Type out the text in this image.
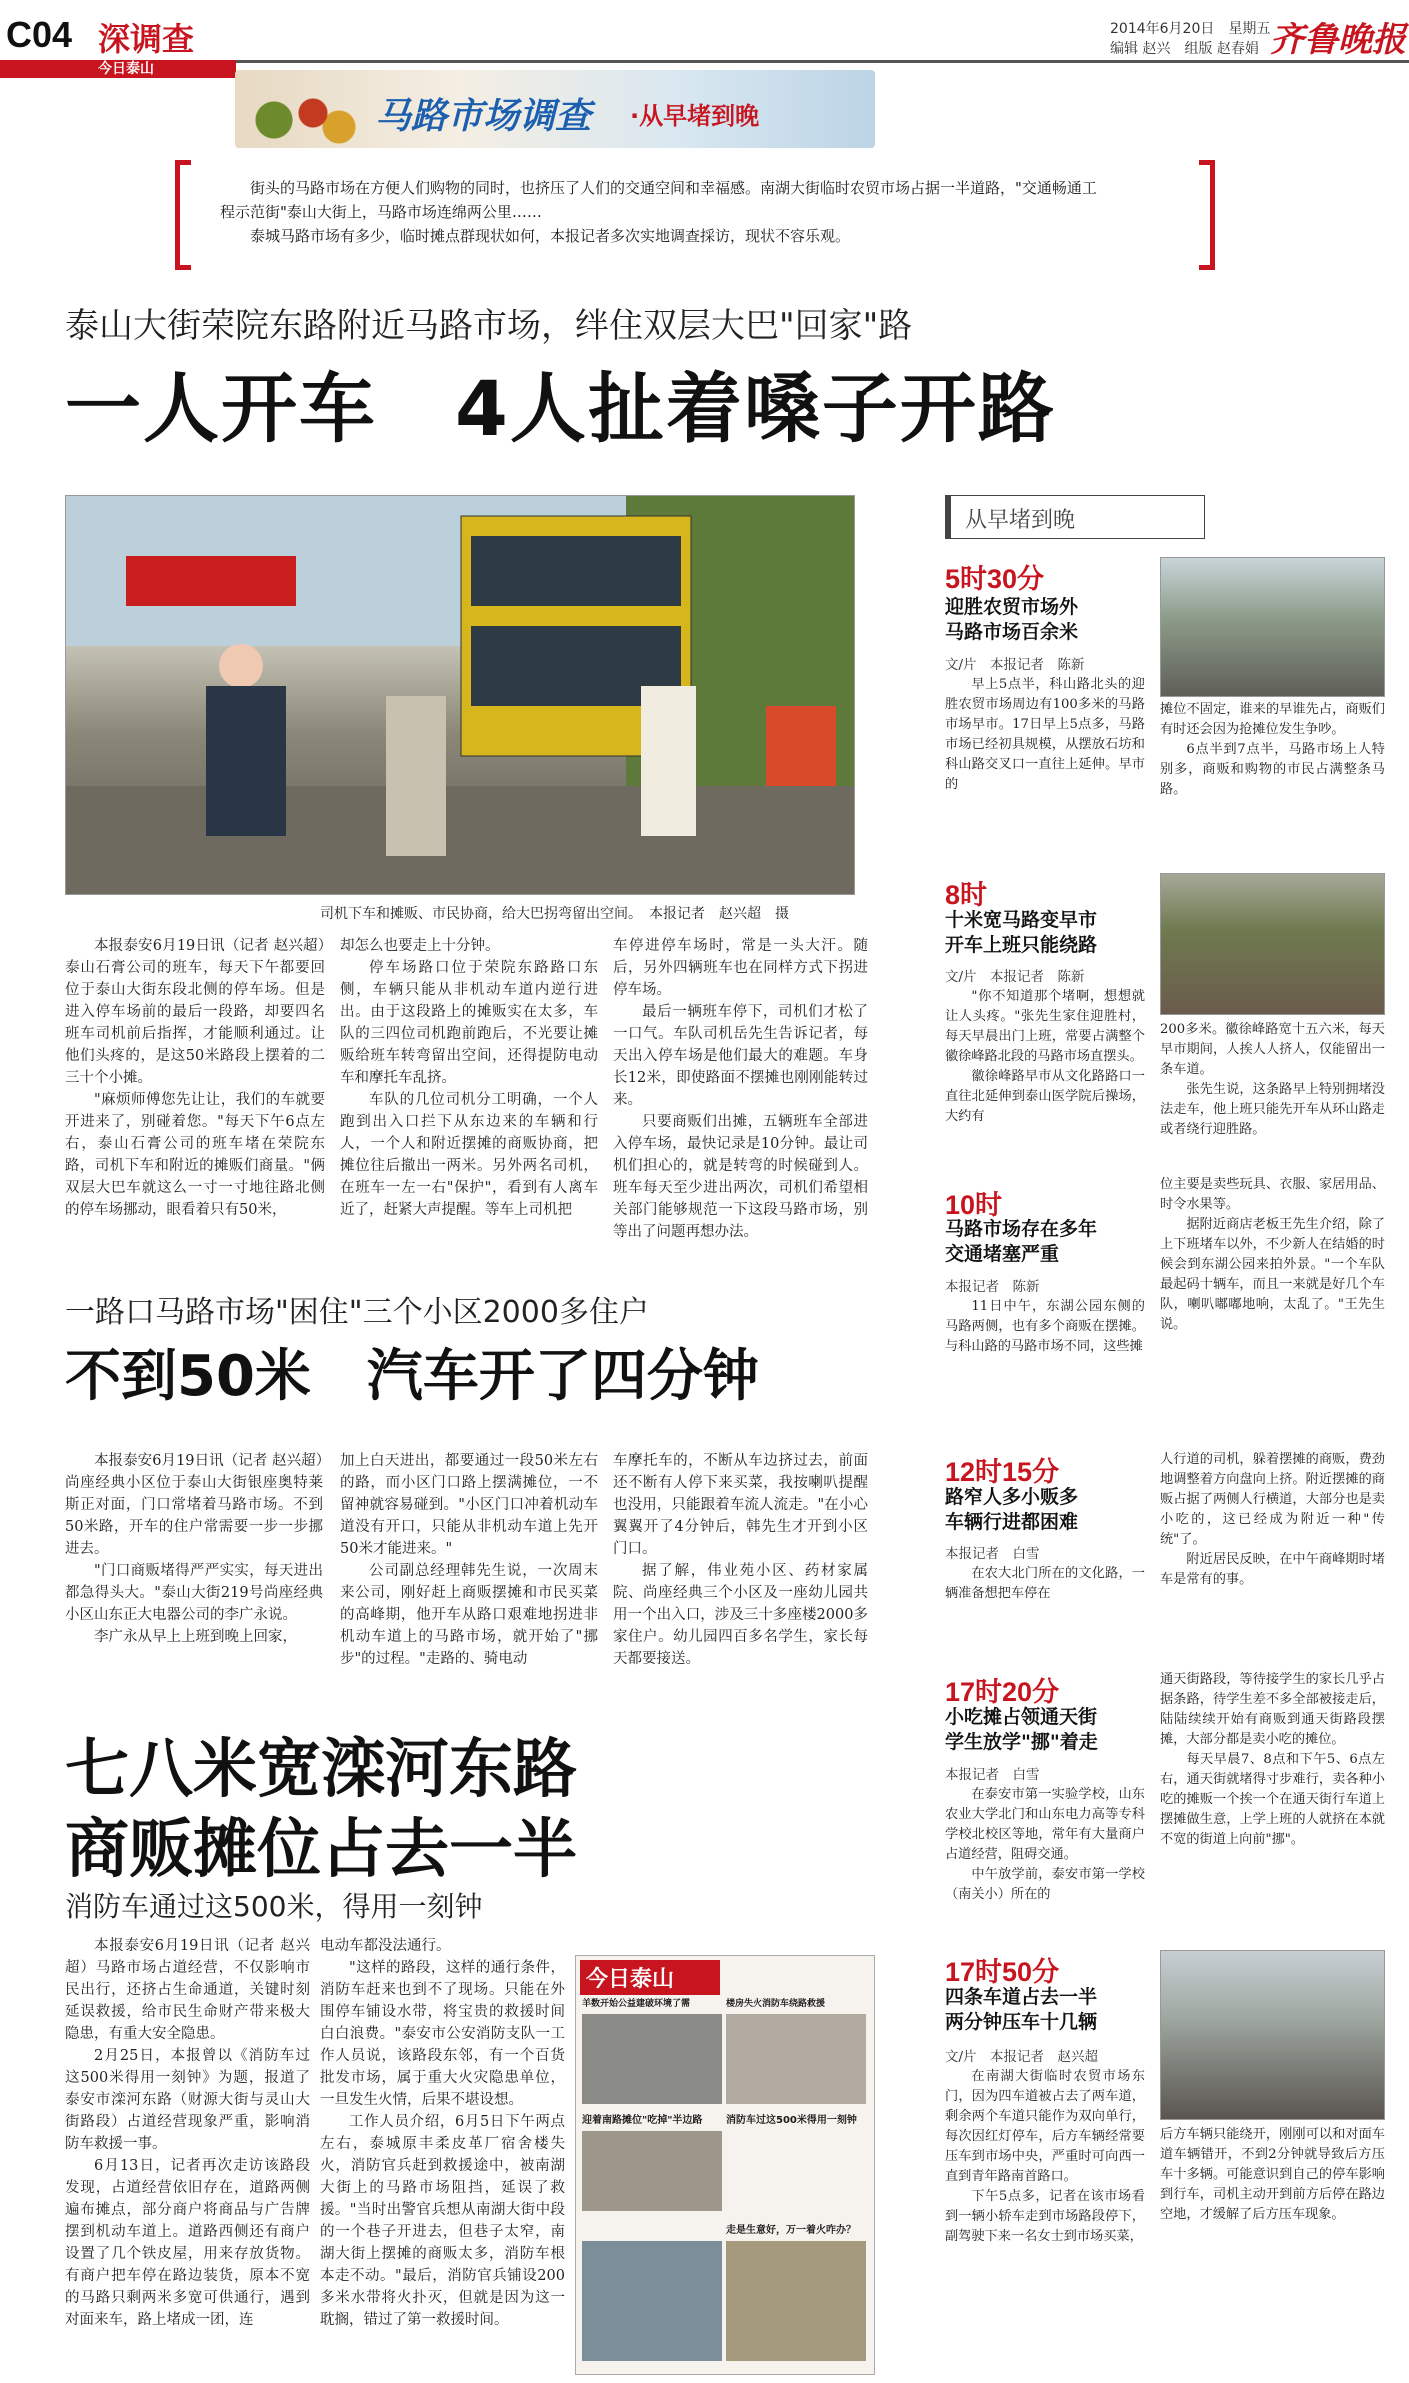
C04 深调查
今日泰山
2014年6月20日　星期五
编辑 赵兴　组版 赵春娟 齐鲁晚报
马路市场调查 ·从早堵到晚
街头的马路市场在方便人们购物的同时，也挤压了人们的交通空间和幸福感。南湖大街临时农贸市场占据一半道路，"交通畅通工
程示范街"泰山大街上，马路市场连绵两公里……
泰城马路市场有多少，临时摊点群现状如何，本报记者多次实地调查採访，现状不容乐观。
泰山大街荣院东路附近马路市场，绊住双层大巴"回家"路
一人开车　4人扯着嗓子开路
司机下车和摊贩、市民协商，给大巴拐弯留出空间。　本报记者　赵兴超　摄

本报泰安6月19日讯（记者 赵兴超）泰山石膏公司的班车，每天下午都要回位于泰山大街东段北侧的停车场。但是进入停车场前的最后一段路，却要四名班车司机前后指挥，才能顺利通过。让他们头疼的，是这50米路段上摆着的二三十个小摊。

"麻烦师傅您先让让，我们的车就要开进来了，别碰着您。"每天下午6点左右，泰山石膏公司的班车堵在荣院东路，司机下车和附近的摊贩们商量。"俩双层大巴车就这么一寸一寸地往路北侧的停车场挪动，眼看着只有50米，

却怎么也要走上十分钟。

停车场路口位于荣院东路路口东侧，车辆只能从非机动车道内逆行进出。由于这段路上的摊贩实在太多，车队的三四位司机跑前跑后，不光要让摊贩给班车转弯留出空间，还得提防电动车和摩托车乱挤。

车队的几位司机分工明确，一个人跑到出入口拦下从东边来的车辆和行人，一个人和附近摆摊的商贩协商，把摊位往后撤出一两米。另外两名司机，在班车一左一右"保护"，看到有人离车近了，赶紧大声提醒。等车上司机把

车停进停车场时，常是一头大汗。随后，另外四辆班车也在同样方式下拐进停车场。

最后一辆班车停下，司机们才松了一口气。车队司机岳先生告诉记者，每天出入停车场是他们最大的难题。车身长12米，即使路面不摆摊也刚刚能转过来。

只要商贩们出摊，五辆班车全部进入停车场，最快记录是10分钟。最让司机们担心的，就是转弯的时候碰到人。班车每天至少进出两次，司机们希望相关部门能够规范一下这段马路市场，别等出了问题再想办法。

一路口马路市场"困住"三个小区2000多住户
不到50米　汽车开了四分钟

本报泰安6月19日讯（记者 赵兴超）尚座经典小区位于泰山大街银座奥特莱斯正对面，门口常堵着马路市场。不到50米路，开车的住户常需要一步一步挪进去。

"门口商贩堵得严严实实，每天进出都急得头大。"泰山大街219号尚座经典小区山东正大电器公司的李广永说。

李广永从早上上班到晚上回家，

加上白天进出，都要通过一段50米左右的路，而小区门口路上摆满摊位，一不留神就容易碰到。"小区门口冲着机动车道没有开口，只能从非机动车道上先开50米才能进来。"

公司副总经理韩先生说，一次周末来公司，刚好赶上商贩摆摊和市民买菜的高峰期，他开车从路口艰难地拐进非机动车道上的马路市场，就开始了"挪步"的过程。"走路的、骑电动

车摩托车的，不断从车边挤过去，前面还不断有人停下来买菜，我按喇叭提醒也没用，只能跟着车流人流走。"在小心翼翼开了4分钟后，韩先生才开到小区门口。

据了解，伟业苑小区、药材家属院、尚座经典三个小区及一座幼儿园共用一个出入口，涉及三十多座楼2000多家住户。幼儿园四百多名学生，家长每天都要接送。

七八米宽滦河东路
商贩摊位占去一半
消防车通过这500米，得用一刻钟

本报泰安6月19日讯（记者 赵兴超）马路市场占道经营，不仅影响市民出行，还挤占生命通道，关键时刻延误救援，给市民生命财产带来极大隐患，有重大安全隐患。

2月25日，本报曾以《消防车过这500米得用一刻钟》为题，报道了泰安市滦河东路（财源大街与灵山大街路段）占道经营现象严重，影响消防车救援一事。

6月13日，记者再次走访该路段发现，占道经营依旧存在，道路两侧遍布摊点，部分商户将商品与广告牌摆到机动车道上。道路西侧还有商户设置了几个铁皮屋，用来存放货物。有商户把车停在路边装货，原本不宽的马路只剩两米多宽可供通行，遇到对面来车，路上堵成一团，连

电动车都没法通行。

"这样的路段，这样的通行条件，消防车赶来也到不了现场。只能在外围停车铺设水带，将宝贵的救援时间白白浪费。"泰安市公安消防支队一工作人员说，该路段东邻，有一个百货批发市场，属于重大火灾隐患单位，一旦发生火情，后果不堪设想。

工作人员介绍，6月5日下午两点左右，泰城原丰柔皮革厂宿舍楼失火，消防官兵赶到救援途中，被南湖大街上的马路市场阻挡，延误了救援。"当时出警官兵想从南湖大街中段的一个巷子开进去，但巷子太窄，南湖大街上摆摊的商贩太多，消防车根本走不动。"最后，消防官兵铺设200多米水带将火扑灭，但就是因为这一耽搁，错过了第一救援时间。

今日泰山
羊数开始公益建破环境了需	楼房失火消防车绕路救援
迎着南路摊位"吃掉"半边路	消防车过这500米得用一刻钟
走是生意好，万一着火咋办？
从早堵到晚
5时30分
迎胜农贸市场外
马路市场百余米
文/片　本报记者　陈新

早上5点半，科山路北头的迎胜农贸市场周边有100多米的马路市场早市。17日早上5点多，马路市场已经初具规模，从摆放石坊和科山路交叉口一直往上延伸。早市的

摊位不固定，谁来的早谁先占，商贩们有时还会因为抢摊位发生争吵。

6点半到7点半，马路市场上人特别多，商贩和购物的市民占满整条马路。

8时
十米宽马路变早市
开车上班只能绕路
文/片　本报记者　陈新

"你不知道那个堵啊，想想就让人头疼。"张先生家住迎胜村，每天早晨出门上班，常要占满整个徽徐峰路北段的马路市场直摆头。

徽徐峰路早市从文化路路口一直往北延伸到泰山医学院后操场，大约有

200多米。徽徐峰路宽十五六米，每天早市期间，人挨人人挤人，仅能留出一条车道。

张先生说，这条路早上特别拥堵没法走车，他上班只能先开车从环山路走或者绕行迎胜路。

10时
马路市场存在多年
交通堵塞严重
本报记者　陈新

11日中午，东湖公园东侧的马路两侧，也有多个商贩在摆摊。与科山路的马路市场不同，这些摊

位主要是卖些玩具、衣服、家居用品、时令水果等。

据附近商店老板王先生介绍，除了上下班堵车以外，不少新人在结婚的时候会到东湖公园来拍外景。"一个车队最起码十辆车，而且一来就是好几个车队，喇叭嘟嘟地响，太乱了。"王先生说。

12时15分
路窄人多小贩多
车辆行进都困难
本报记者　白雪

在农大北门所在的文化路，一辆准备想把车停在

人行道的司机，躲着摆摊的商贩，费劲地调整着方向盘向上挤。附近摆摊的商贩占据了两侧人行横道，大部分也是卖小吃的，这已经成为附近一种"传统"了。

附近居民反映，在中午商峰期时堵车是常有的事。

17时20分
小吃摊占领通天街
学生放学"挪"着走
本报记者　白雪

在泰安市第一实验学校，山东农业大学北门和山东电力高等专科学校北校区等地，常年有大量商户占道经营，阻碍交通。

中午放学前，泰安市第一学校（南关小）所在的

通天街路段，等待接学生的家长几乎占据条路，待学生差不多全部被接走后，陆陆续续开始有商贩到通天街路段摆摊，大部分都是卖小吃的摊位。

每天早晨7、8点和下午5、6点左右，通天街就堵得寸步难行，卖各种小吃的摊贩一个挨一个在通天街行车道上摆摊做生意，上学上班的人就挤在本就不宽的街道上向前"挪"。

17时50分
四条车道占去一半
两分钟压车十几辆
文/片　本报记者　赵兴超

在南湖大街临时农贸市场东门，因为四车道被占去了两车道，剩余两个车道只能作为双向单行，每次因红灯停车，后方车辆经常要压车到市场中央，严重时可向西一直到青年路南首路口。

下午5点多，记者在该市场看到一辆小轿车走到市场路段停下，副驾驶下来一名女士到市场买菜，

后方车辆只能绕开，刚刚可以和对面车道车辆错开，不到2分钟就导致后方压车十多辆。可能意识到自己的停车影响到行车，司机主动开到前方后停在路边空地，才缓解了后方压车现象。
